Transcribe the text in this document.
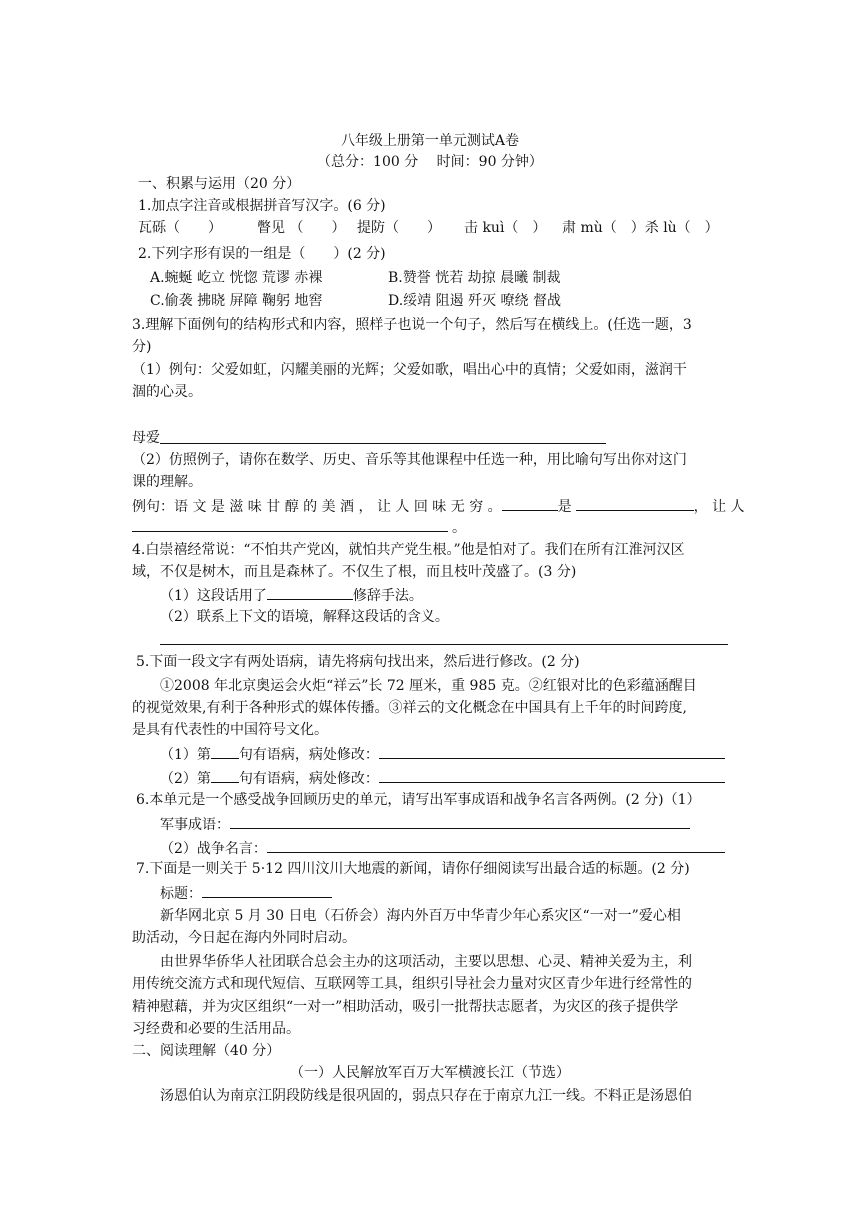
八年级上册第一单元测试A卷
（总分：100 分　 时间：90 分钟）
一、积累与运用（20 分）
1.加点字注音或根据拼音写汉字。(6 分)
瓦砾（　　）	瞥见 （　　） 提防（　　） 击 kuì（　） 肃 mù（　）杀 lù（　）
2.下列字形有误的一组是（　　）(2 分)
A.蜿蜒 屹立 恍惚 荒谬 赤裸	B.赞誉 恍若 劫掠 晨曦 制裁
C.偷袭 拂晓 屏障 鞠躬 地窖	D.绥靖 阻遏 歼灭 嘹绕 督战
3.理解下面例句的结构形式和内容，照样子也说一个句子，然后写在横线上。(任选一题，3
分)
（1）例句：父爱如虹，闪耀美丽的光辉；父爱如歌，唱出心中的真情；父爱如雨，滋润干
涸的心灵。
母爱
（2）仿照例子，请你在数学、历史、音乐等其他课程中任选一种，用比喻句写出你对这门
课的理解。
例句：语 文 是 滋 味 甘 醇 的 美 酒 ， 让 人 回 味 无 穷 。	是	， 让 人
。
4.白崇禧经常说：“不怕共产党凶，就怕共产党生根。”他是怕对了。我们在所有江淮河汉区
域，不仅是树木，而且是森林了。不仅生了根，而且枝叶茂盛了。(3 分)
（1）这段话用了	修辞手法。
（2）联系上下文的语境，解释这段话的含义。
5.下面一段文字有两处语病，请先将病句找出来，然后进行修改。(2 分)
①2008 年北京奥运会火炬“祥云”长 72 厘米，重 985 克。②红银对比的色彩蕴涵醒目
的视觉效果,有利于各种形式的媒体传播。③祥云的文化概念在中国具有上千年的时间跨度,
是具有代表性的中国符号文化。
（1）第 句有语病，病处修改：
（2）第 句有语病，病处修改：
6.本单元是一个感受战争回顾历史的单元，请写出军事成语和战争名言各两例。(2 分)（1）
军事成语：
（2）战争名言：
7.下面是一则关于 5·12 四川汶川大地震的新闻，请你仔细阅读写出最合适的标题。(2 分)
标题：
新华网北京 5 月 30 日电（石侨会）海内外百万中华青少年心系灾区“一对一”爱心相
助活动，今日起在海内外同时启动。
由世界华侨华人社团联合总会主办的这项活动，主要以思想、心灵、精神关爱为主，利
用传统交流方式和现代短信、互联网等工具，组织引导社会力量对灾区青少年进行经常性的
精神慰藉，并为灾区组织“一对一”相助活动，吸引一批帮扶志愿者，为灾区的孩子提供学
习经费和必要的生活用品。
二、阅读理解（40 分）
（一）人民解放军百万大军横渡长江（节选）
汤恩伯认为南京江阴段防线是很巩固的，弱点只存在于南京九江一线。不料正是汤恩伯
